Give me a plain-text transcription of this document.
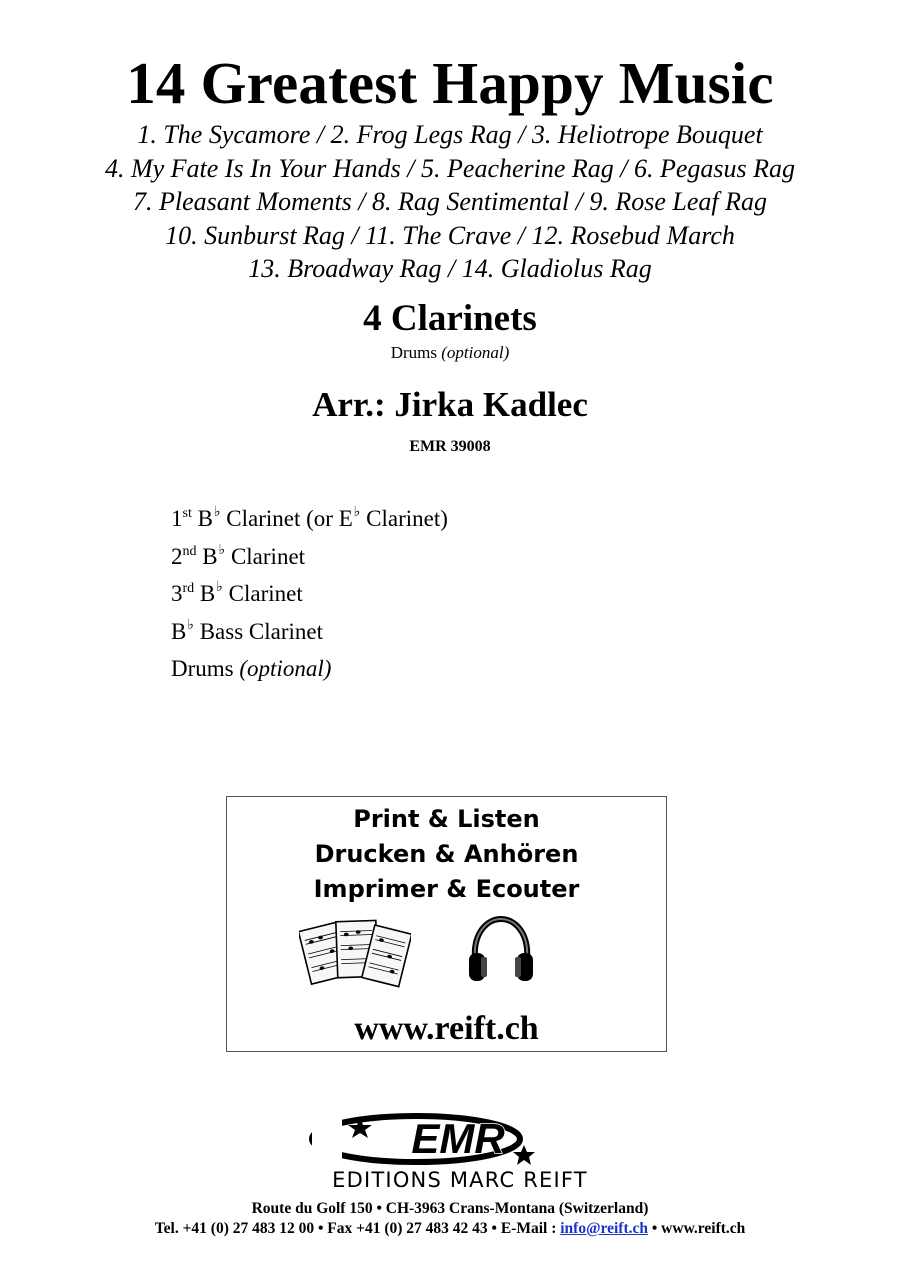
14 Greatest Happy Music
1. The Sycamore / 2. Frog Legs Rag / 3. Heliotrope Bouquet
4. My Fate Is In Your Hands / 5. Peacherine Rag / 6. Pegasus Rag
7. Pleasant Moments / 8. Rag Sentimental / 9. Rose Leaf Rag
10. Sunburst Rag / 11. The Crave / 12. Rosebud March
13. Broadway Rag / 14. Gladiolus Rag
4 Clarinets
Drums (optional)
Arr.: Jirka Kadlec
EMR 39008
1st B♭ Clarinet (or E♭ Clarinet)
2nd B♭ Clarinet
3rd B♭ Clarinet
B♭ Bass Clarinet
Drums (optional)
Print & Listen
Drucken & Anhören
Imprimer & Ecouter
www.reift.ch
EMR
EDITIONS MARC REIFT
Route du Golf 150 • CH-3963 Crans-Montana (Switzerland)
Tel. +41 (0) 27 483 12 00 • Fax +41 (0) 27 483 42 43 • E-Mail : info@reift.ch • www.reift.ch
